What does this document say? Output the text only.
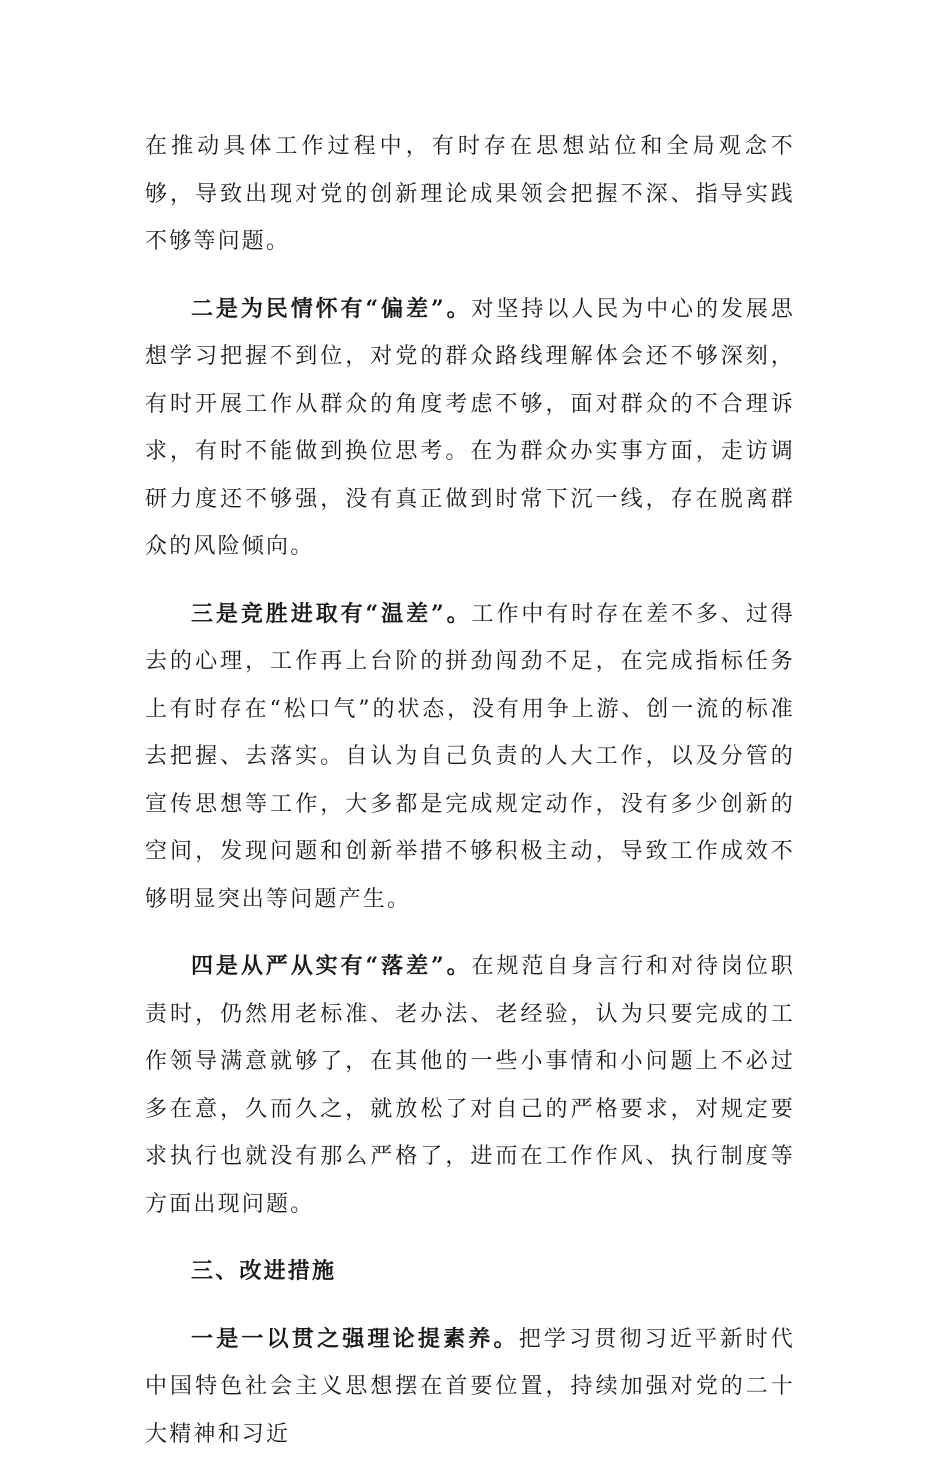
在推动具体工作过程中，有时存在思想站位和全局观念不够，导致出现对党的创新理论成果领会把握不深、指导实践不够等问题。

二是为民情怀有“偏差”。对坚持以人民为中心的发展思想学习把握不到位，对党的群众路线理解体会还不够深刻，有时开展工作从群众的角度考虑不够，面对群众的不合理诉求，有时不能做到换位思考。在为群众办实事方面，走访调研力度还不够强，没有真正做到时常下沉一线，存在脱离群众的风险倾向。

三是竞胜进取有“温差”。工作中有时存在差不多、过得去的心理，工作再上台阶的拼劲闯劲不足，在完成指标任务上有时存在“松口气”的状态，没有用争上游、创一流的标准去把握、去落实。自认为自己负责的人大工作，以及分管的宣传思想等工作，大多都是完成规定动作，没有多少创新的空间，发现问题和创新举措不够积极主动，导致工作成效不够明显突出等问题产生。

四是从严从实有“落差”。在规范自身言行和对待岗位职责时，仍然用老标准、老办法、老经验，认为只要完成的工作领导满意就够了，在其他的一些小事情和小问题上不必过多在意，久而久之，就放松了对自己的严格要求，对规定要求执行也就没有那么严格了，进而在工作作风、执行制度等方面出现问题。

三、改进措施

一是一以贯之强理论提素养。把学习贯彻习近平新时代中国特色社会主义思想摆在首要位置，持续加强对党的二十大精神和习近
